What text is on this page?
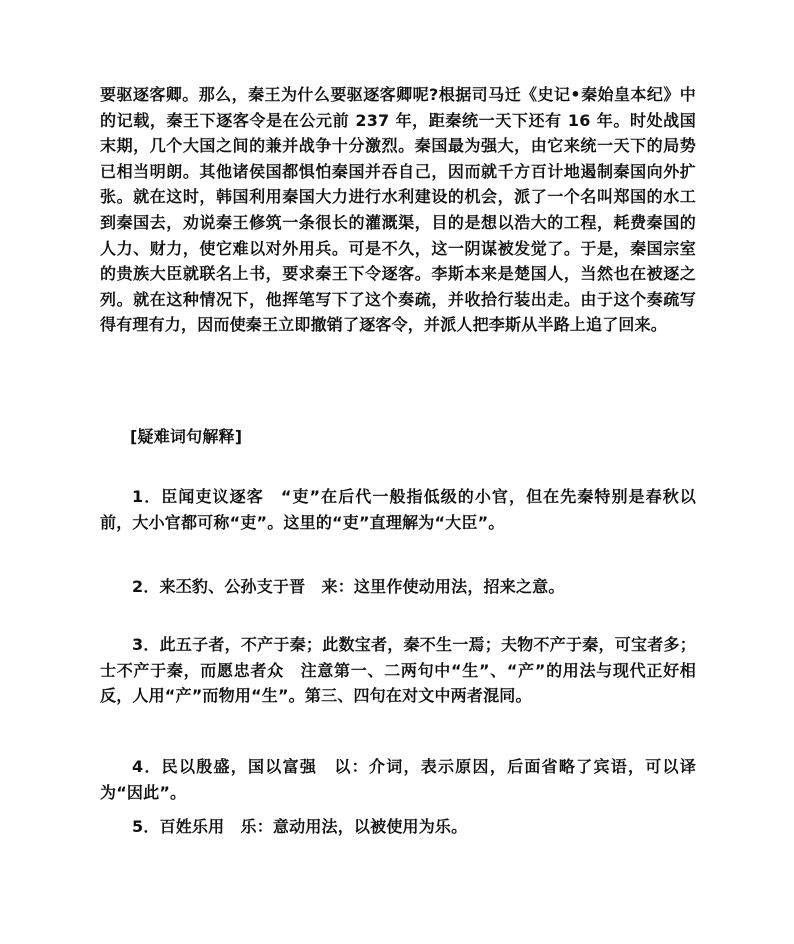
要驱逐客卿。那么，秦王为什么要驱逐客卿呢?根据司马迁《史记•秦始皇本纪》中的记载，秦王下逐客令是在公元前 237 年，距秦统一天下还有 16 年。时处战国末期，几个大国之间的兼并战争十分激烈。秦国最为强大，由它来统一天下的局势已相当明朗。其他诸侯国都惧怕秦国并吞自己，因而就千方百计地遏制秦国向外扩张。就在这时，韩国利用秦国大力进行水利建设的机会，派了一个名叫郑国的水工到秦国去，劝说秦王修筑一条很长的灌溉渠，目的是想以浩大的工程，耗费秦国的人力、财力，使它难以对外用兵。可是不久，这一阴谋被发觉了。于是，秦国宗室的贵族大臣就联名上书，要求秦王下令逐客。李斯本来是楚国人，当然也在被逐之列。就在这种情况下，他挥笔写下了这个奏疏，并收拾行装出走。由于这个奏疏写得有理有力，因而使秦王立即撤销了逐客令，并派人把李斯从半路上追了回来。

[疑难词句解释]

1．臣闻吏议逐客　“吏”在后代一般指低级的小官，但在先秦特别是春秋以前，大小官都可称“吏”。这里的“吏”直理解为“大臣”。

2．来丕豹、公孙支于晋　来：这里作使动用法，招来之意。

3．此五子者，不产于秦；此数宝者，秦不生一焉；夫物不产于秦，可宝者多；士不产于秦，而愿忠者众　注意第一、二两句中“生”、“产”的用法与现代正好相反，人用“产”而物用“生”。第三、四句在对文中两者混同。

4．民以殷盛，国以富强　以：介词，表示原因，后面省略了宾语，可以译为“因此”。

5．百姓乐用　乐：意动用法，以被使用为乐。
